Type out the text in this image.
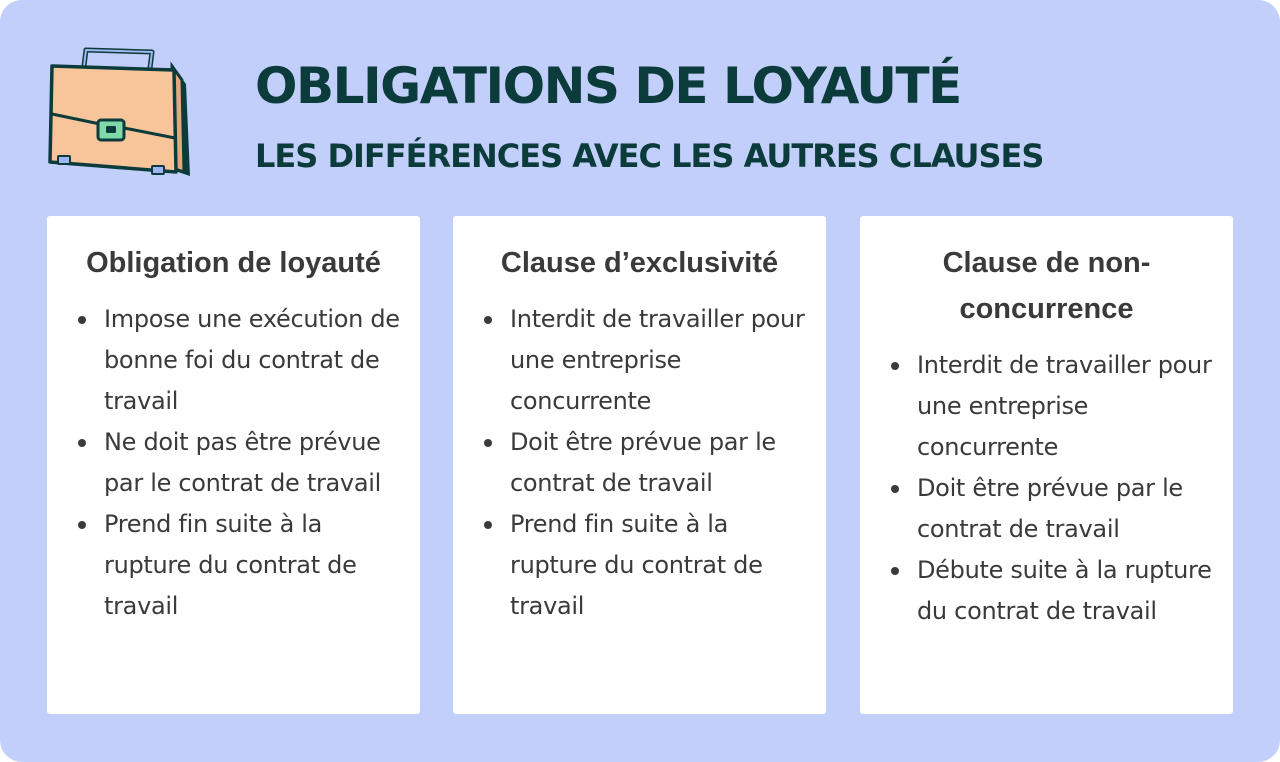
OBLIGATIONS DE LOYAUTÉ
LES DIFFÉRENCES AVEC LES AUTRES CLAUSES
Obligation de loyauté
Impose une exécution de bonne foi du contrat de travail
Ne doit pas être prévue par le contrat de travail
Prend fin suite à la rupture du contrat de travail
Clause d’exclusivité
Interdit de travailler pour une entreprise concurrente
Doit être prévue par le contrat de travail
Prend fin suite à la rupture du contrat de travail
Clause de non-concurrence
Interdit de travailler pour une entreprise concurrente
Doit être prévue par le contrat de travail
Débute suite à la rupture du contrat de travail
